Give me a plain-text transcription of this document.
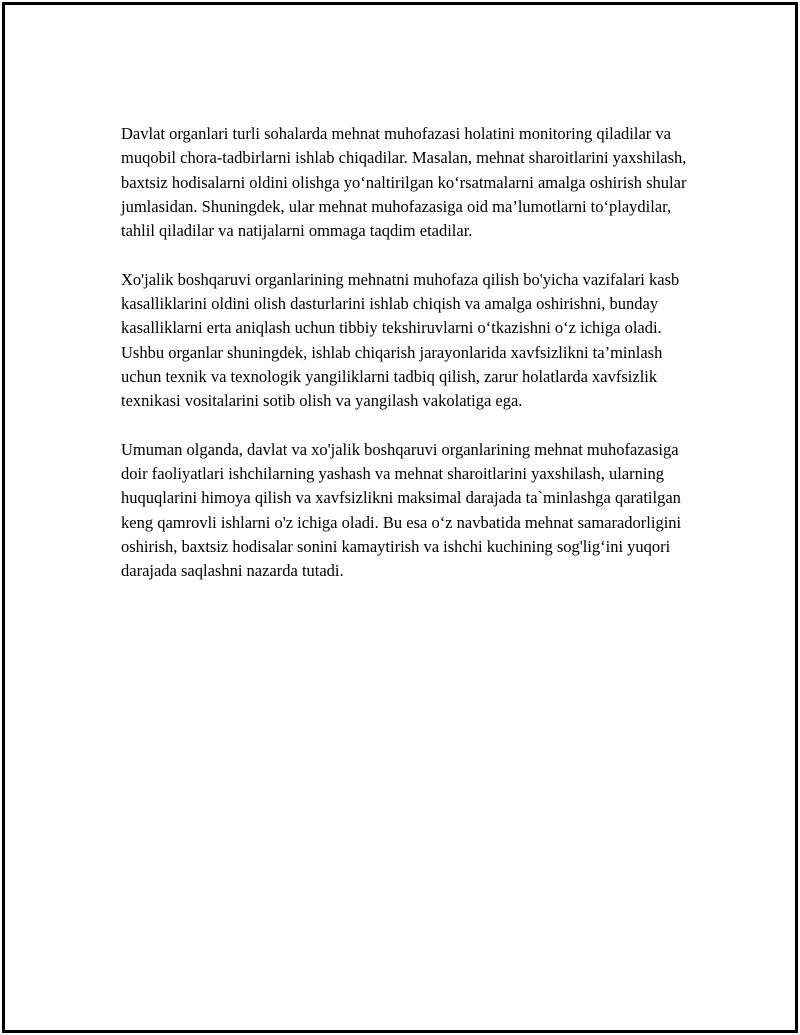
Davlat organlari turli sohalarda mehnat muhofazasi holatini monitoring qiladilar va muqobil chora-tadbirlarni ishlab chiqadilar. Masalan, mehnat sharoitlarini yaxshilash, baxtsiz hodisalarni oldini olishga yo‘naltirilgan ko‘rsatmalarni amalga oshirish shular jumlasidan. Shuningdek, ular mehnat muhofazasiga oid ma’lumotlarni to‘playdilar, tahlil qiladilar va natijalarni ommaga taqdim etadilar.

Xo'jalik boshqaruvi organlarining mehnatni muhofaza qilish bo'yicha vazifalari kasb kasalliklarini oldini olish dasturlarini ishlab chiqish va amalga oshirishni, bunday kasalliklarni erta aniqlash uchun tibbiy tekshiruvlarni o‘tkazishni o‘z ichiga oladi. Ushbu organlar shuningdek, ishlab chiqarish jarayonlarida xavfsizlikni ta’minlash uchun texnik va texnologik yangiliklarni tadbiq qilish, zarur holatlarda xavfsizlik texnikasi vositalarini sotib olish va yangilash vakolatiga ega.

Umuman olganda, davlat va xo'jalik boshqaruvi organlarining mehnat muhofazasiga doir faoliyatlari ishchilarning yashash va mehnat sharoitlarini yaxshilash, ularning huquqlarini himoya qilish va xavfsizlikni maksimal darajada ta`minlashga qaratilgan keng qamrovli ishlarni o'z ichiga oladi. Bu esa o‘z navbatida mehnat samaradorligini oshirish, baxtsiz hodisalar sonini kamaytirish va ishchi kuchining sog'lig‘ini yuqori darajada saqlashni nazarda tutadi.
